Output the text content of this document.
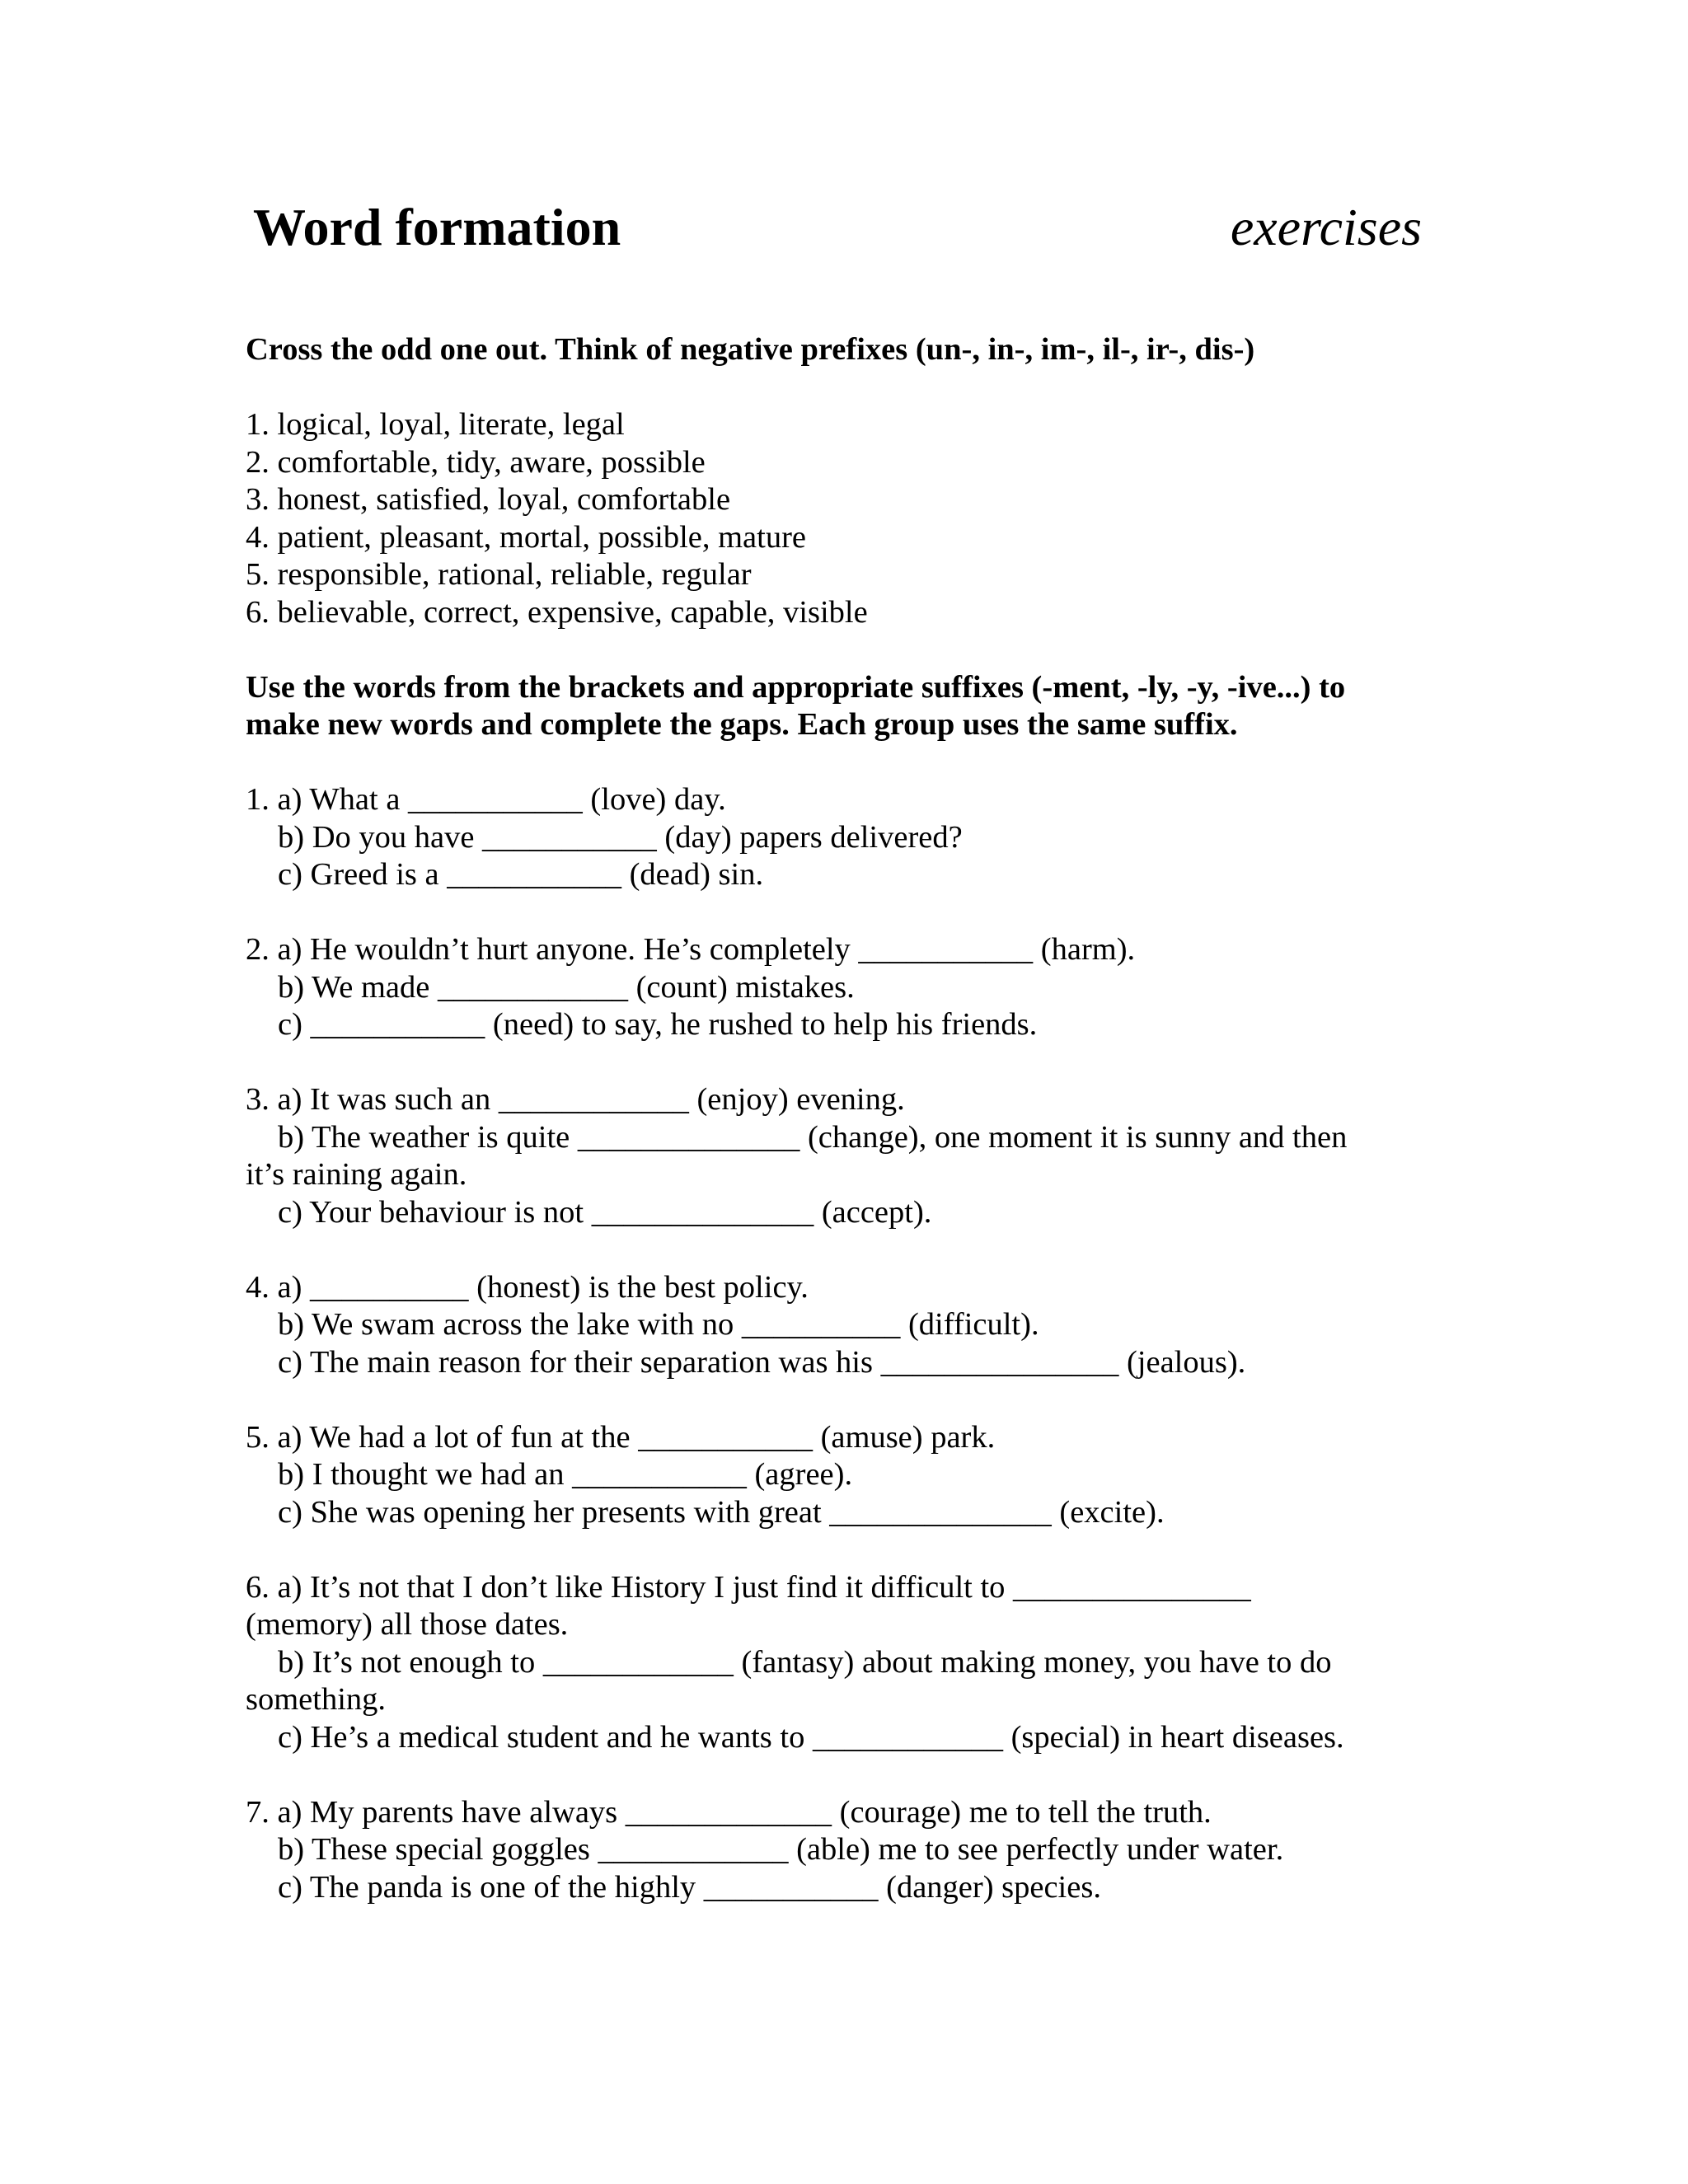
Word formation	exercises

Cross the odd one out. Think of negative prefixes (un-, in-, im-, il-, ir-, dis-)

1. logical, loyal, literate, legal

2. comfortable, tidy, aware, possible

3. honest, satisfied, loyal, comfortable

4. patient, pleasant, mortal, possible, mature

5. responsible, rational, reliable, regular

6. believable, correct, expensive, capable, visible

Use the words from the brackets and appropriate suffixes (-ment, -ly, -y, -ive...) to

make new words and complete the gaps. Each group uses the same suffix.

1. a) What a ___________ (love) day.

b) Do you have ___________ (day) papers delivered?

c) Greed is a ___________ (dead) sin.

2. a) He wouldn’t hurt anyone. He’s completely ___________ (harm).

b) We made ____________ (count) mistakes.

c) ___________ (need) to say, he rushed to help his friends.

3. a) It was such an ____________ (enjoy) evening.

b) The weather is quite ______________ (change), one moment it is sunny and then

it’s raining again.

c) Your behaviour is not ______________ (accept).

4. a) __________ (honest) is the best policy.

b) We swam across the lake with no __________ (difficult).

c) The main reason for their separation was his _______________ (jealous).

5. a) We had a lot of fun at the ___________ (amuse) park.

b) I thought we had an ___________ (agree).

c) She was opening her presents with great ______________ (excite).

6. a) It’s not that I don’t like History I just find it difficult to _______________

(memory) all those dates.

b) It’s not enough to ____________ (fantasy) about making money, you have to do

something.

c) He’s a medical student and he wants to ____________ (special) in heart diseases.

7. a) My parents have always _____________ (courage) me to tell the truth.

b) These special goggles ____________ (able) me to see perfectly under water.

c) The panda is one of the highly ___________ (danger) species.
